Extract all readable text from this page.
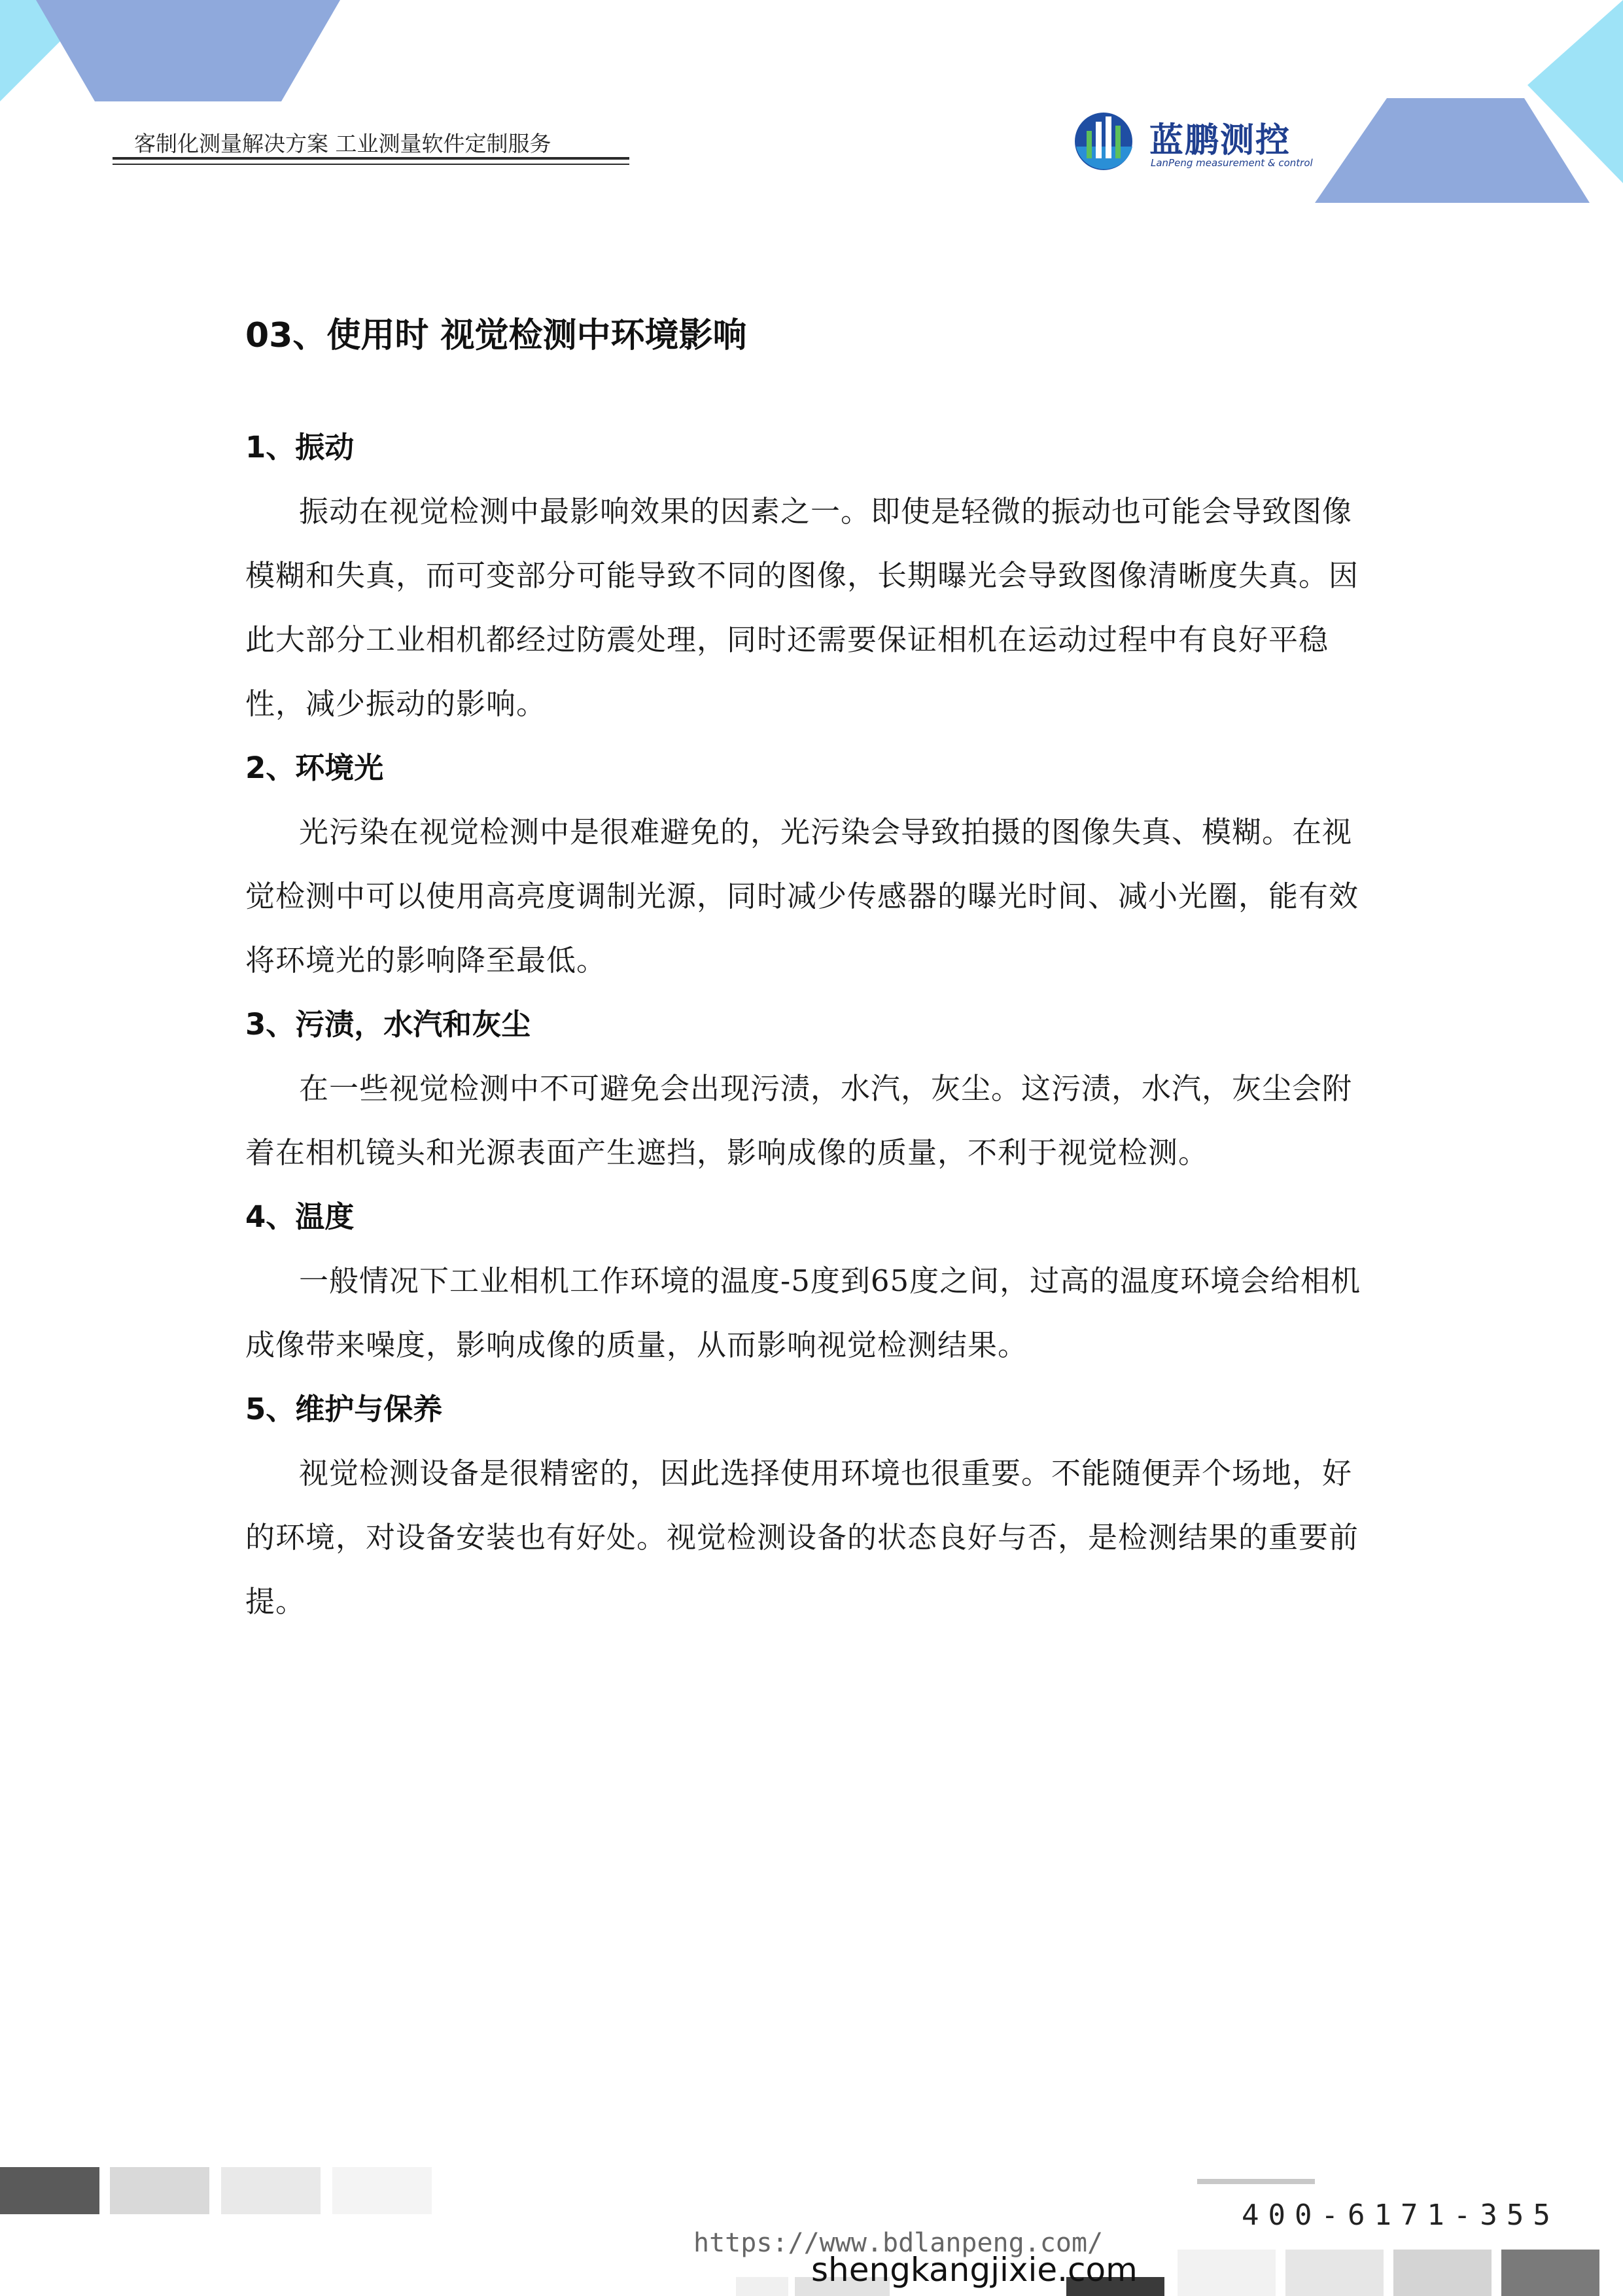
客制化测量解决方案 工业测量软件定制服务	蓝鹏测控
LanPeng measurement & control
03、使用时 视觉检测中环境影响
1、振动
振动在视觉检测中最影响效果的因素之一。即使是轻微的振动也可能会导致图像模糊和失真，而可变部分可能导致不同的图像，长期曝光会导致图像清晰度失真。因此大部分工业相机都经过防震处理，同时还需要保证相机在运动过程中有良好平稳性，减少振动的影响。
2、环境光
光污染在视觉检测中是很难避免的，光污染会导致拍摄的图像失真、模糊。在视觉检测中可以使用高亮度调制光源，同时减少传感器的曝光时间、减小光圈，能有效将环境光的影响降至最低。
3、污渍，水汽和灰尘
在一些视觉检测中不可避免会出现污渍，水汽，灰尘。这污渍，水汽，灰尘会附着在相机镜头和光源表面产生遮挡，影响成像的质量，不利于视觉检测。
4、温度
一般情况下工业相机工作环境的温度-5度到65度之间，过高的温度环境会给相机成像带来噪度，影响成像的质量，从而影响视觉检测结果。
5、维护与保养
视觉检测设备是很精密的，因此选择使用环境也很重要。不能随便弄个场地，好的环境，对设备安装也有好处。视觉检测设备的状态良好与否，是检测结果的重要前提。
400-6171-355
https://www.bdlanpeng.com/
shengkangjixie.com
